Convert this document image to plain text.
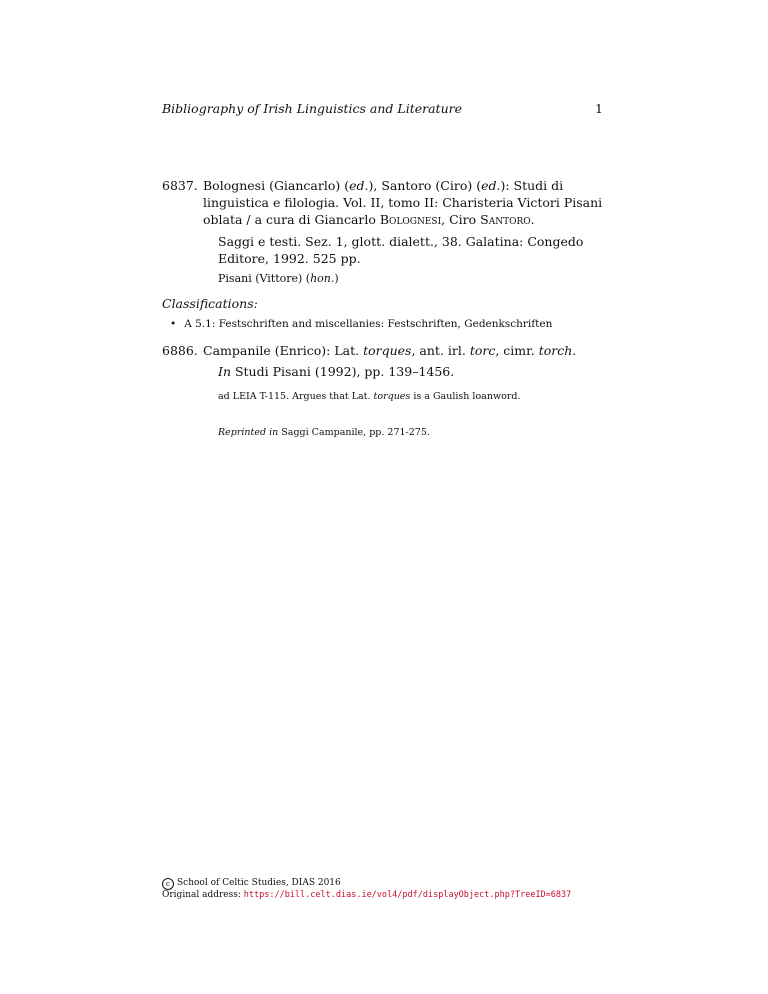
Bibliography of Irish Linguistics and Literature	1
6837. Bolognesi (Giancarlo) (ed.), Santoro (Ciro) (ed.): Studi di linguistica e filologia. Vol. II, tomo II: Charisteria Victori Pisani oblata / a cura di Giancarlo Bolognesi, Ciro Santoro.
Saggi e testi. Sez. 1, glott. dialett., 38. Galatina: Congedo Editore, 1992. 525 pp.
Pisani (Vittore) (hon.)
Classifications:
• A 5.1: Festschriften and miscellanies: Festschriften, Gedenkschriften
6886. Campanile (Enrico): Lat. torques, ant. irl. torc, cimr. torch.
In Studi Pisani (1992), pp. 139–1456.
ad LEIA T-115. Argues that Lat. torques is a Gaulish loanword.
Reprinted in Saggi Campanile, pp. 271-275.
c School of Celtic Studies, DIAS 2016
Original address: https://bill.celt.dias.ie/vol4/pdf/displayObject.php?TreeID=6837
